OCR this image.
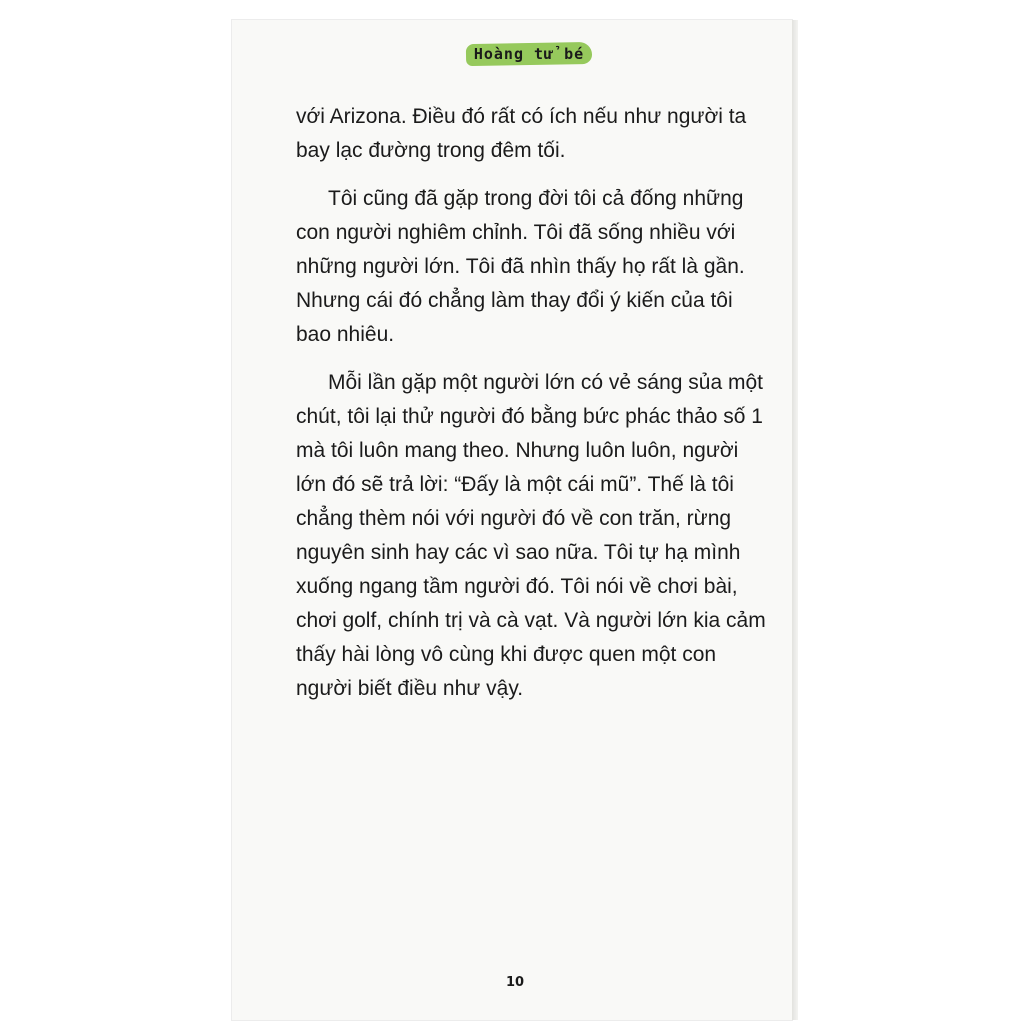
Hoàng tử bé
với Arizona. Điều đó rất có ích nếu như người ta
bay lạc đường trong đêm tối.
Tôi cũng đã gặp trong đời tôi cả đống những
con người nghiêm chỉnh. Tôi đã sống nhiều với
những người lớn. Tôi đã nhìn thấy họ rất là gần.
Nhưng cái đó chẳng làm thay đổi ý kiến của tôi
bao nhiêu.
Mỗi lần gặp một người lớn có vẻ sáng sủa một
chút, tôi lại thử người đó bằng bức phác thảo số 1
mà tôi luôn mang theo. Nhưng luôn luôn, người
lớn đó sẽ trả lời: “Đấy là một cái mũ”. Thế là tôi
chẳng thèm nói với người đó về con trăn, rừng
nguyên sinh hay các vì sao nữa. Tôi tự hạ mình
xuống ngang tầm người đó. Tôi nói về chơi bài,
chơi golf, chính trị và cà vạt. Và người lớn kia cảm
thấy hài lòng vô cùng khi được quen một con
người biết điều như vậy.
10
